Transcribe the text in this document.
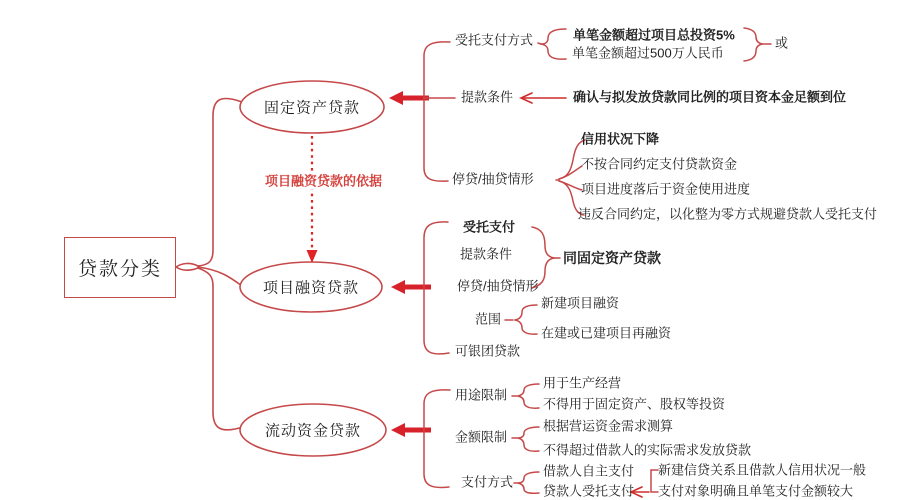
贷款分类
固定资产贷款
项目融资贷款
流动资金贷款
项目融资贷款的依据
受托支付方式	单笔金额超过项目总投资5%
单笔金额超过500万人民币
或
提款条件	确认与拟发放贷款同比例的项目资本金足额到位
停贷/抽贷情形
信用状况下降
不按合同约定支付贷款资金
项目进度落后于资金使用进度
违反合同约定，以化整为零方式规避贷款人受托支付
受托支付
提款条件
停贷/抽贷情形
同固定资产贷款
范围
新建项目融资
在建或已建项目再融资
可银团贷款
用途限制
用于生产经营
不得用于固定资产、股权等投资
金额限制
根据营运资金需求测算
不得超过借款人的实际需求发放贷款
支付方式
借款人自主支付
贷款人受托支付
新建信贷关系且借款人信用状况一般
支付对象明确且单笔支付金额较大
